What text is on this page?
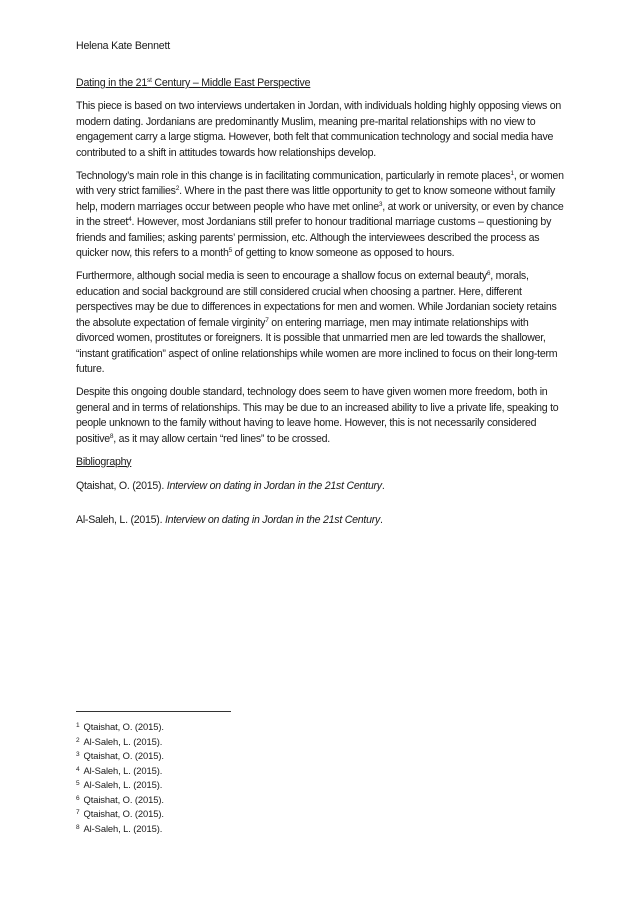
Helena Kate Bennett
Dating in the 21st Century – Middle East Perspective

This piece is based on two interviews undertaken in Jordan, with individuals holding highly opposing views on modern dating. Jordanians are predominantly Muslim, meaning pre-marital relationships with no view to engagement carry a large stigma. However, both felt that communication technology and social media have contributed to a shift in attitudes towards how relationships develop.

Technology’s main role in this change is in facilitating communication, particularly in remote places$^1$, or women with very strict families$^2$. Where in the past there was little opportunity to get to know someone without family help, modern marriages occur between people who have met online$^3$, at work or university, or even by chance in the street$^4$. However, most Jordanians still prefer to honour traditional marriage customs – questioning by friends and families; asking parents’ permission, etc. Although the interviewees described the process as quicker now, this refers to a month$^5$ of getting to know someone as opposed to hours.

Furthermore, although social media is seen to encourage a shallow focus on external beauty$^6$, morals, education and social background are still considered crucial when choosing a partner. Here, different perspectives may be due to differences in expectations for men and women. While Jordanian society retains the absolute expectation of female virginity$^7$ on entering marriage, men may intimate relationships with divorced women, prostitutes or foreigners. It is possible that unmarried men are led towards the shallower, “instant gratification” aspect of online relationships while women are more inclined to focus on their long-term future.

Despite this ongoing double standard, technology does seem to have given women more freedom, both in general and in terms of relationships. This may be due to an increased ability to live a private life, speaking to people unknown to the family without having to leave home. However, this is not necessarily considered positive$^8$, as it may allow certain “red lines” to be crossed.

Bibliography

Qtaishat, O. (2015). Interview on dating in Jordan in the 21st Century.

Al-Saleh, L. (2015). Interview on dating in Jordan in the 21st Century.

$^1$ Qtaishat, O. (2015).
$^2$ Al-Saleh, L. (2015).
$^3$ Qtaishat, O. (2015).
$^4$ Al-Saleh, L. (2015).
$^5$ Al-Saleh, L. (2015).
$^6$ Qtaishat, O. (2015).
$^7$ Qtaishat, O. (2015).
$^8$ Al-Saleh, L. (2015).
